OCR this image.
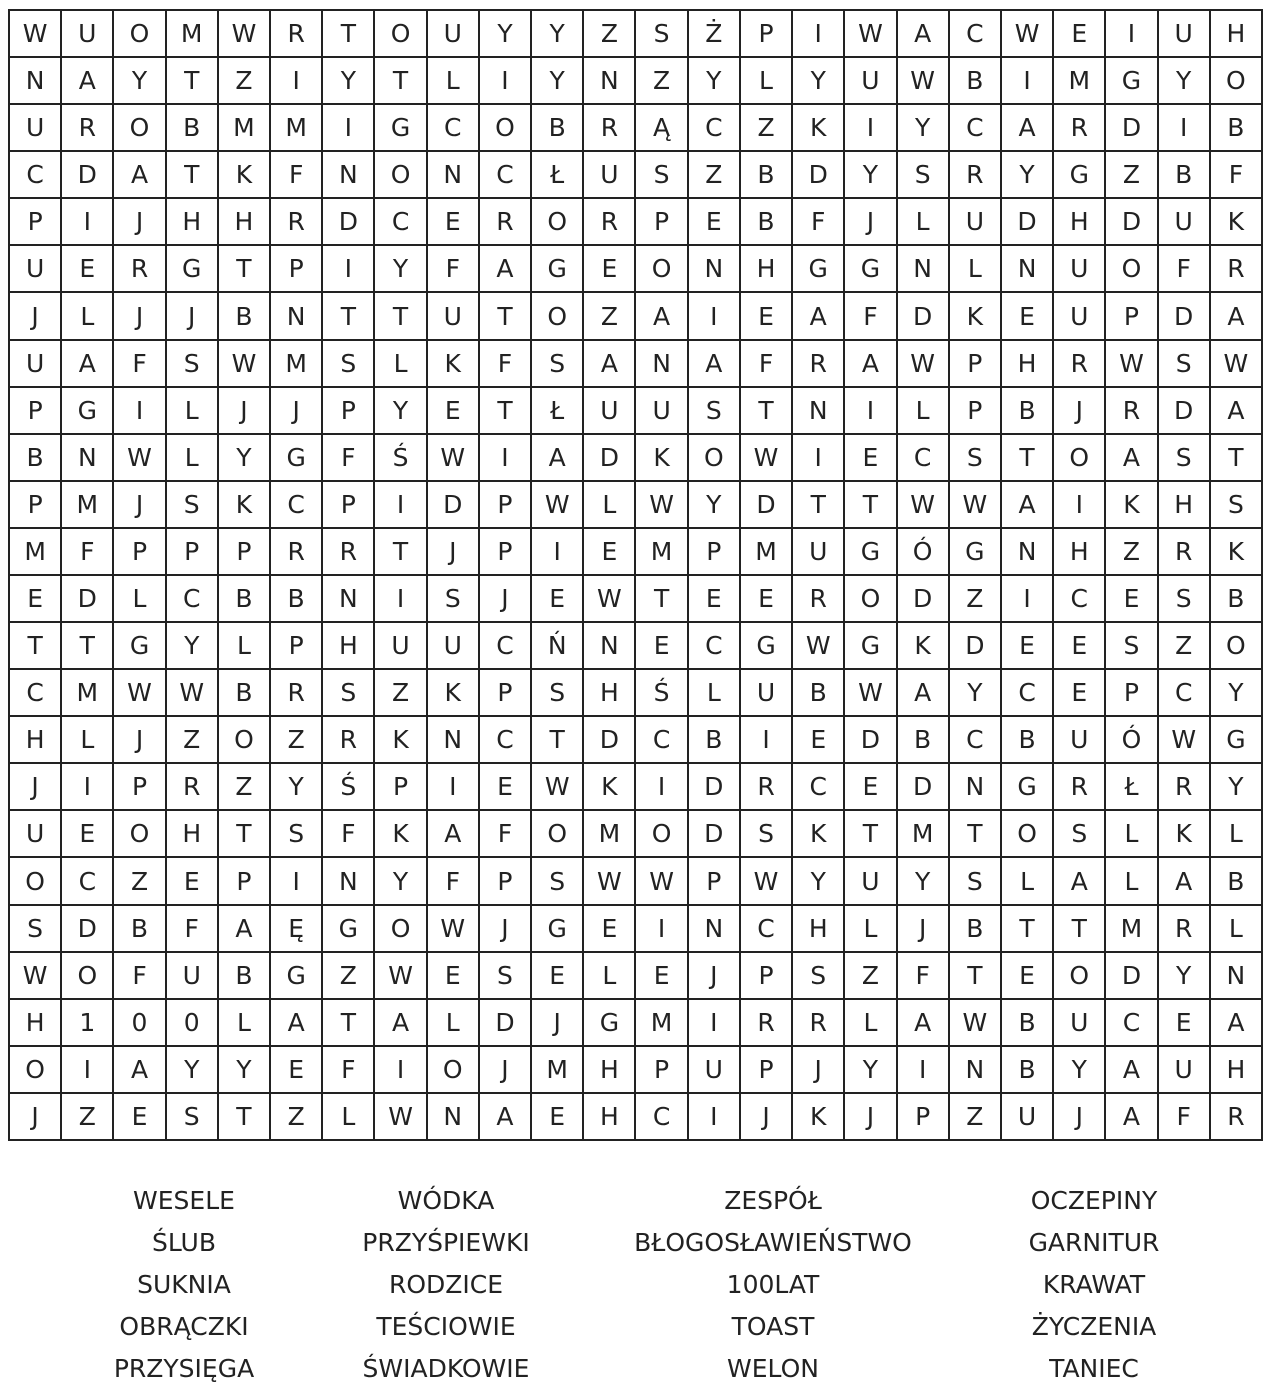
W	U	O	M	W	R	T	O	U	Y	Y	Z	S	Ż	P	I	W	A	C	W	E	I	U	H
N	A	Y	T	Z	I	Y	T	L	I	Y	N	Z	Y	L	Y	U	W	B	I	M	G	Y	O
U	R	O	B	M	M	I	G	C	O	B	R	Ą	C	Z	K	I	Y	C	A	R	D	I	B
C	D	A	T	K	F	N	O	N	C	Ł	U	S	Z	B	D	Y	S	R	Y	G	Z	B	F
P	I	J	H	H	R	D	C	E	R	O	R	P	E	B	F	J	L	U	D	H	D	U	K
U	E	R	G	T	P	I	Y	F	A	G	E	O	N	H	G	G	N	L	N	U	O	F	R
J	L	J	J	B	N	T	T	U	T	O	Z	A	I	E	A	F	D	K	E	U	P	D	A
U	A	F	S	W	M	S	L	K	F	S	A	N	A	F	R	A	W	P	H	R	W	S	W
P	G	I	L	J	J	P	Y	E	T	Ł	U	U	S	T	N	I	L	P	B	J	R	D	A
B	N	W	L	Y	G	F	Ś	W	I	A	D	K	O	W	I	E	C	S	T	O	A	S	T
P	M	J	S	K	C	P	I	D	P	W	L	W	Y	D	T	T	W	W	A	I	K	H	S
M	F	P	P	P	R	R	T	J	P	I	E	M	P	M	U	G	Ó	G	N	H	Z	R	K
E	D	L	C	B	B	N	I	S	J	E	W	T	E	E	R	O	D	Z	I	C	E	S	B
T	T	G	Y	L	P	H	U	U	C	Ń	N	E	C	G	W	G	K	D	E	E	S	Z	O
C	M	W	W	B	R	S	Z	K	P	S	H	Ś	L	U	B	W	A	Y	C	E	P	C	Y
H	L	J	Z	O	Z	R	K	N	C	T	D	C	B	I	E	D	B	C	B	U	Ó	W	G
J	I	P	R	Z	Y	Ś	P	I	E	W	K	I	D	R	C	E	D	N	G	R	Ł	R	Y
U	E	O	H	T	S	F	K	A	F	O	M	O	D	S	K	T	M	T	O	S	L	K	L
O	C	Z	E	P	I	N	Y	F	P	S	W	W	P	W	Y	U	Y	S	L	A	L	A	B
S	D	B	F	A	Ę	G	O	W	J	G	E	I	N	C	H	L	J	B	T	T	M	R	L
W	O	F	U	B	G	Z	W	E	S	E	L	E	J	P	S	Z	F	T	E	O	D	Y	N
H	1	0	0	L	A	T	A	L	D	J	G	M	I	R	R	L	A	W	B	U	C	E	A
O	I	A	Y	Y	E	F	I	O	J	M	H	P	U	P	J	Y	I	N	B	Y	A	U	H
J	Z	E	S	T	Z	L	W	N	A	E	H	C	I	J	K	J	P	Z	U	J	A	F	R
WESELE
ŚLUB
SUKNIA
OBRĄCZKI
PRZYSIĘGA
WÓDKA
PRZYŚPIEWKI
RODZICE
TEŚCIOWIE
ŚWIADKOWIE
ZESPÓŁ
BŁOGOSŁAWIEŃSTWO
100LAT
TOAST
WELON
OCZEPINY
GARNITUR
KRAWAT
ŻYCZENIA
TANIEC
